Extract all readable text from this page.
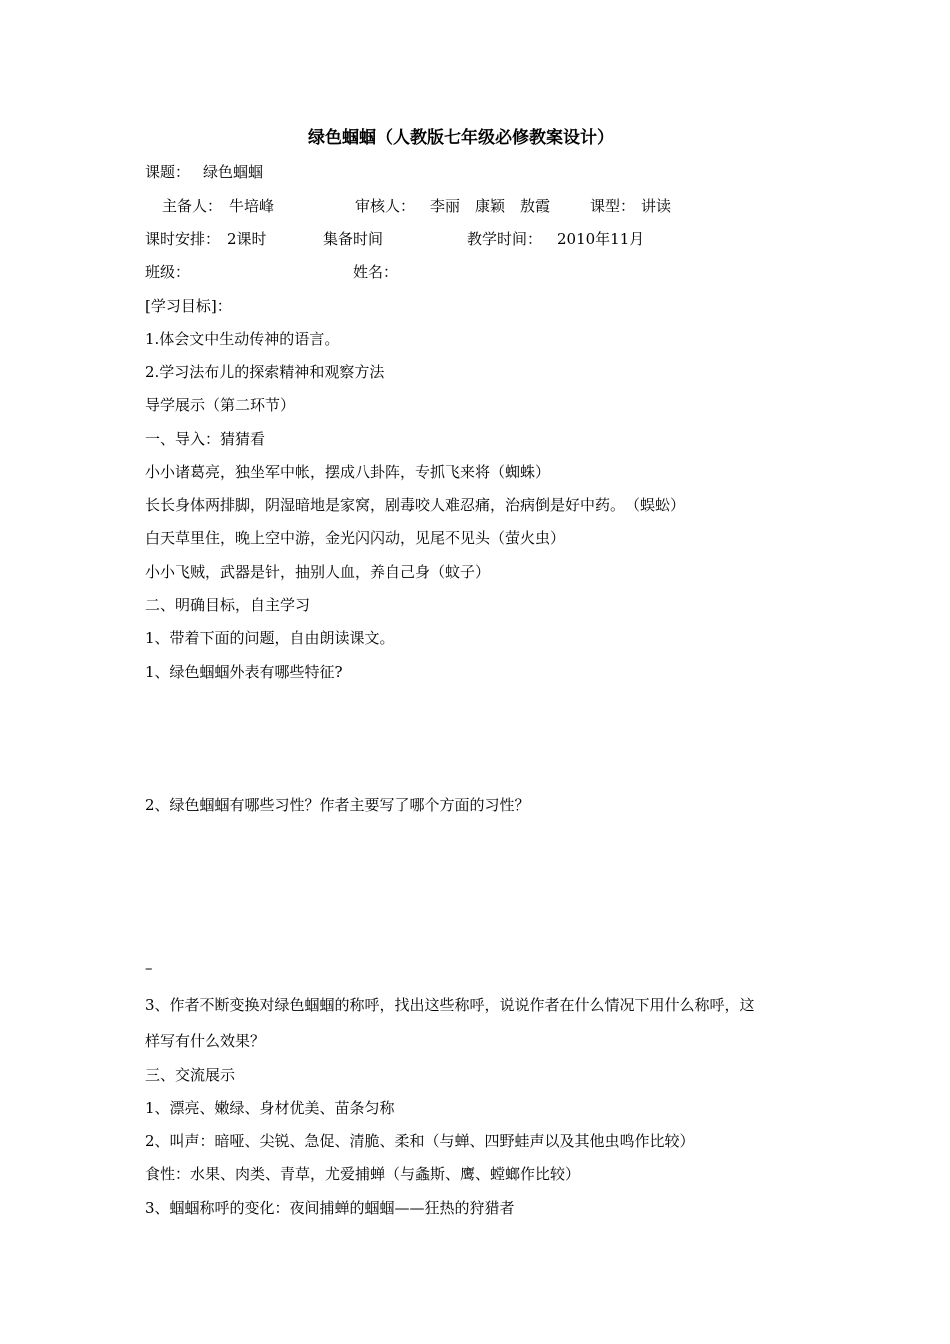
绿色蝈蝈（人教版七年级必修教案设计）
课题： 绿色蝈蝈
主备人： 牛培峰	审核人： 李丽　康颖　敖霞	课型： 讲读
课时安排： 2课时	集备时间	教学时间： 2010年11月
班级：	姓名：
[学习目标]：
1.体会文中生动传神的语言。
2.学习法布儿的探索精神和观察方法
导学展示（第二环节）
一、导入：猜猜看
小小诸葛亮，独坐军中帐，摆成八卦阵，专抓飞来将（蜘蛛）
长长身体两排脚，阴湿暗地是家窝，剧毒咬人难忍痛，治病倒是好中药。　（蜈蚣）
白天草里住，晚上空中游，金光闪闪动，见尾不见头（萤火虫）
小小飞贼，武器是针，抽别人血，养自己身（蚊子）
二、明确目标，自主学习
1、带着下面的问题，自由朗读课文。
1、绿色蝈蝈外表有哪些特征?
2、绿色蝈蝈有哪些习性？作者主要写了哪个方面的习性？
–
3、作者不断变换对绿色蝈蝈的称呼，找出这些称呼，说说作者在什么情况下用什么称呼，这
样写有什么效果？
三、交流展示
1、漂亮、嫩绿、身材优美、苗条匀称
2、叫声：暗哑、尖锐、急促、清脆、柔和（与蝉、四野蛙声以及其他虫鸣作比较）
食性：水果、肉类、青草，尤爱捕蝉（与螽斯、鹰、螳螂作比较）
3、蝈蝈称呼的变化：夜间捕蝉的蝈蝈——狂热的狩猎者
